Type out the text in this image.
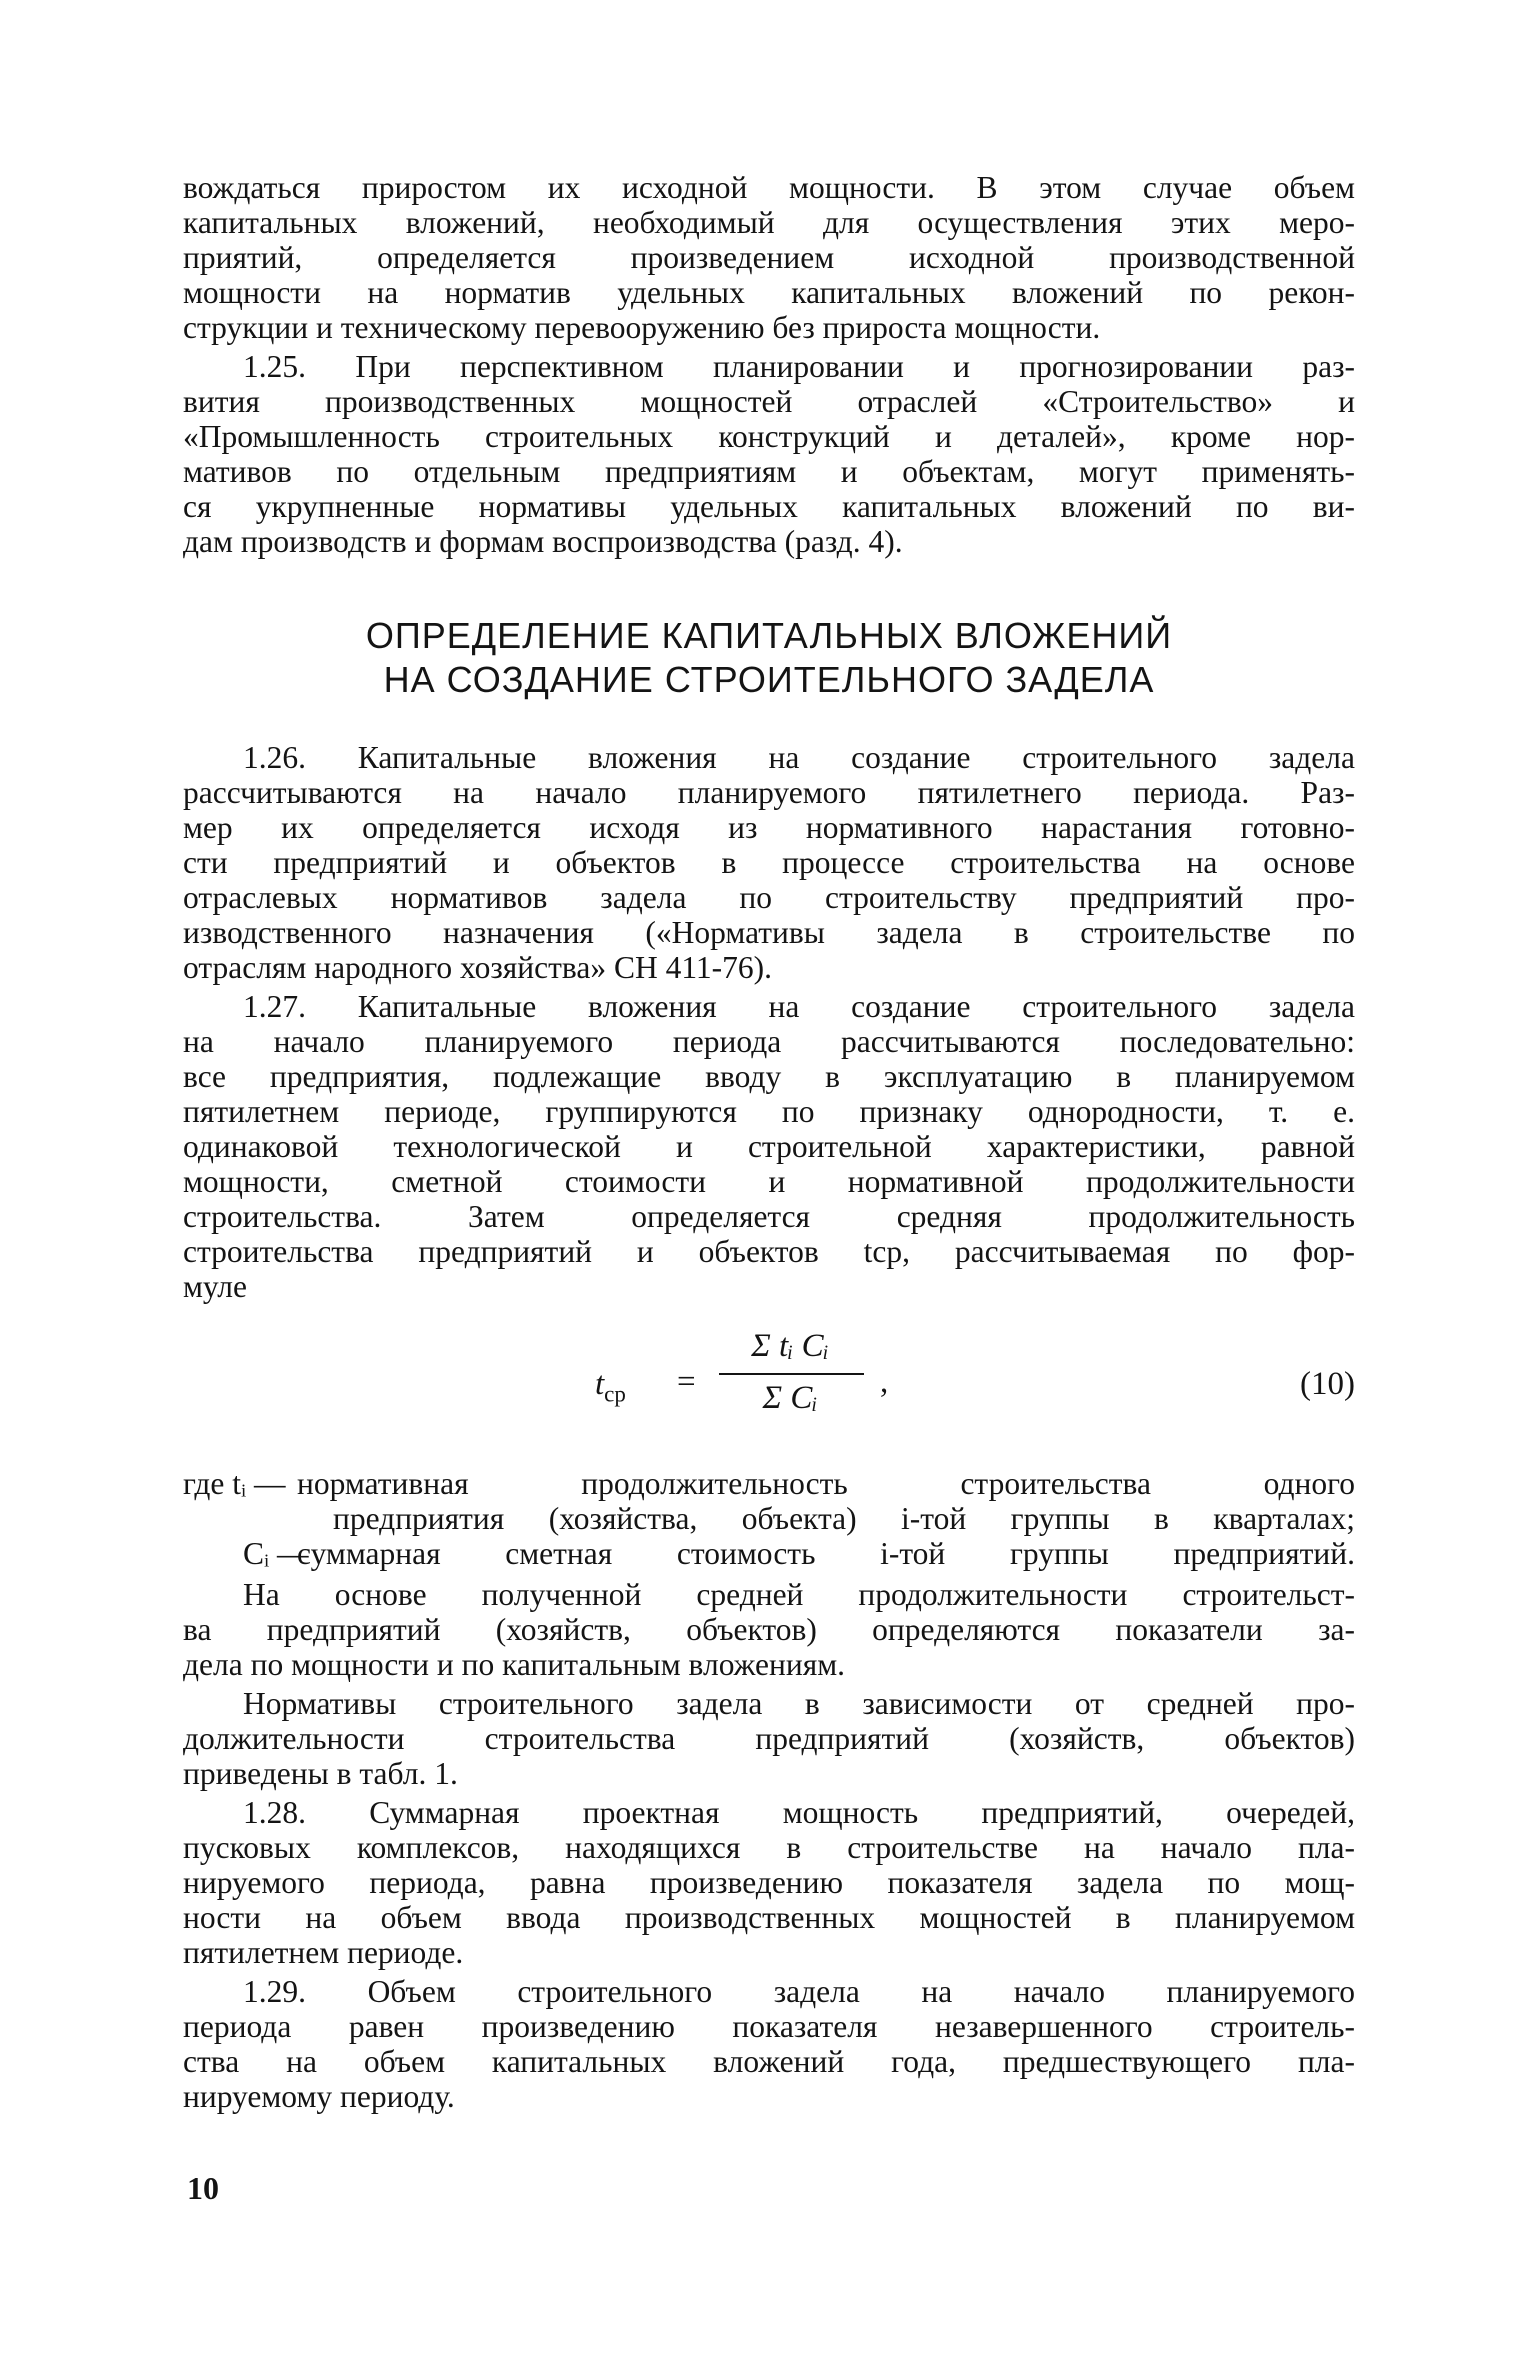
вождаться приростом их исходной мощности. В этом случае объем
капитальных вложений, необходимый для осуществления этих меро-
приятий, определяется произведением исходной производственной
мощности на норматив удельных капитальных вложений по рекон-
струкции и техническому перевооружению без прироста мощности.
1.25. При перспективном планировании и прогнозировании раз-
вития производственных мощностей отраслей «Строительство» и
«Промышленность строительных конструкций и деталей», кроме нор-
мативов по отдельным предприятиям и объектам, могут применять-
ся укрупненные нормативы удельных капитальных вложений по ви-
дам производств и формам воспроизводства (разд. 4).
ОПРЕДЕЛЕНИЕ КАПИТАЛЬНЫХ ВЛОЖЕНИЙ
НА СОЗДАНИЕ СТРОИТЕЛЬНОГО ЗАДЕЛА
1.26. Капитальные вложения на создание строительного задела
рассчитываются на начало планируемого пятилетнего периода. Раз-
мер их определяется исходя из нормативного нарастания готовно-
сти предприятий и объектов в процессе строительства на основе
отраслевых нормативов задела по строительству предприятий про-
изводственного назначения («Нормативы задела в строительстве по
отраслям народного хозяйства» СН 411-76).
1.27. Капитальные вложения на создание строительного задела
на начало планируемого периода рассчитываются последовательно:
все предприятия, подлежащие вводу в эксплуатацию в планируемом
пятилетнем периоде, группируются по признаку однородности, т. е.
одинаковой технологической и строительной характеристики, равной
мощности, сметной стоимости и нормативной продолжительности
строительства. Затем определяется средняя продолжительность
строительства предприятий и объектов tср, рассчитываемая по фор-
муле
$t_{ср}$ =
Σ tᵢ Cᵢ
Σ Cᵢ	,	(10)
где tᵢ — нормативная продолжительность строительства одного
предприятия (хозяйства, объекта) i-той группы в кварталах;
Cᵢ —
суммарная сметная стоимость i-той группы предприятий.
На основе полученной средней продолжительности строительст-
ва предприятий (хозяйств, объектов) определяются показатели за-
дела по мощности и по капитальным вложениям.
Нормативы строительного задела в зависимости от средней про-
должительности строительства предприятий (хозяйств, объектов)
приведены в табл. 1.
1.28. Суммарная проектная мощность предприятий, очередей,
пусковых комплексов, находящихся в строительстве на начало пла-
нируемого периода, равна произведению показателя задела по мощ-
ности на объем ввода производственных мощностей в планируемом
пятилетнем периоде.
1.29. Объем строительного задела на начало планируемого
периода равен произведению показателя незавершенного строитель-
ства на объем капитальных вложений года, предшествующего пла-
нируемому периоду.
10
